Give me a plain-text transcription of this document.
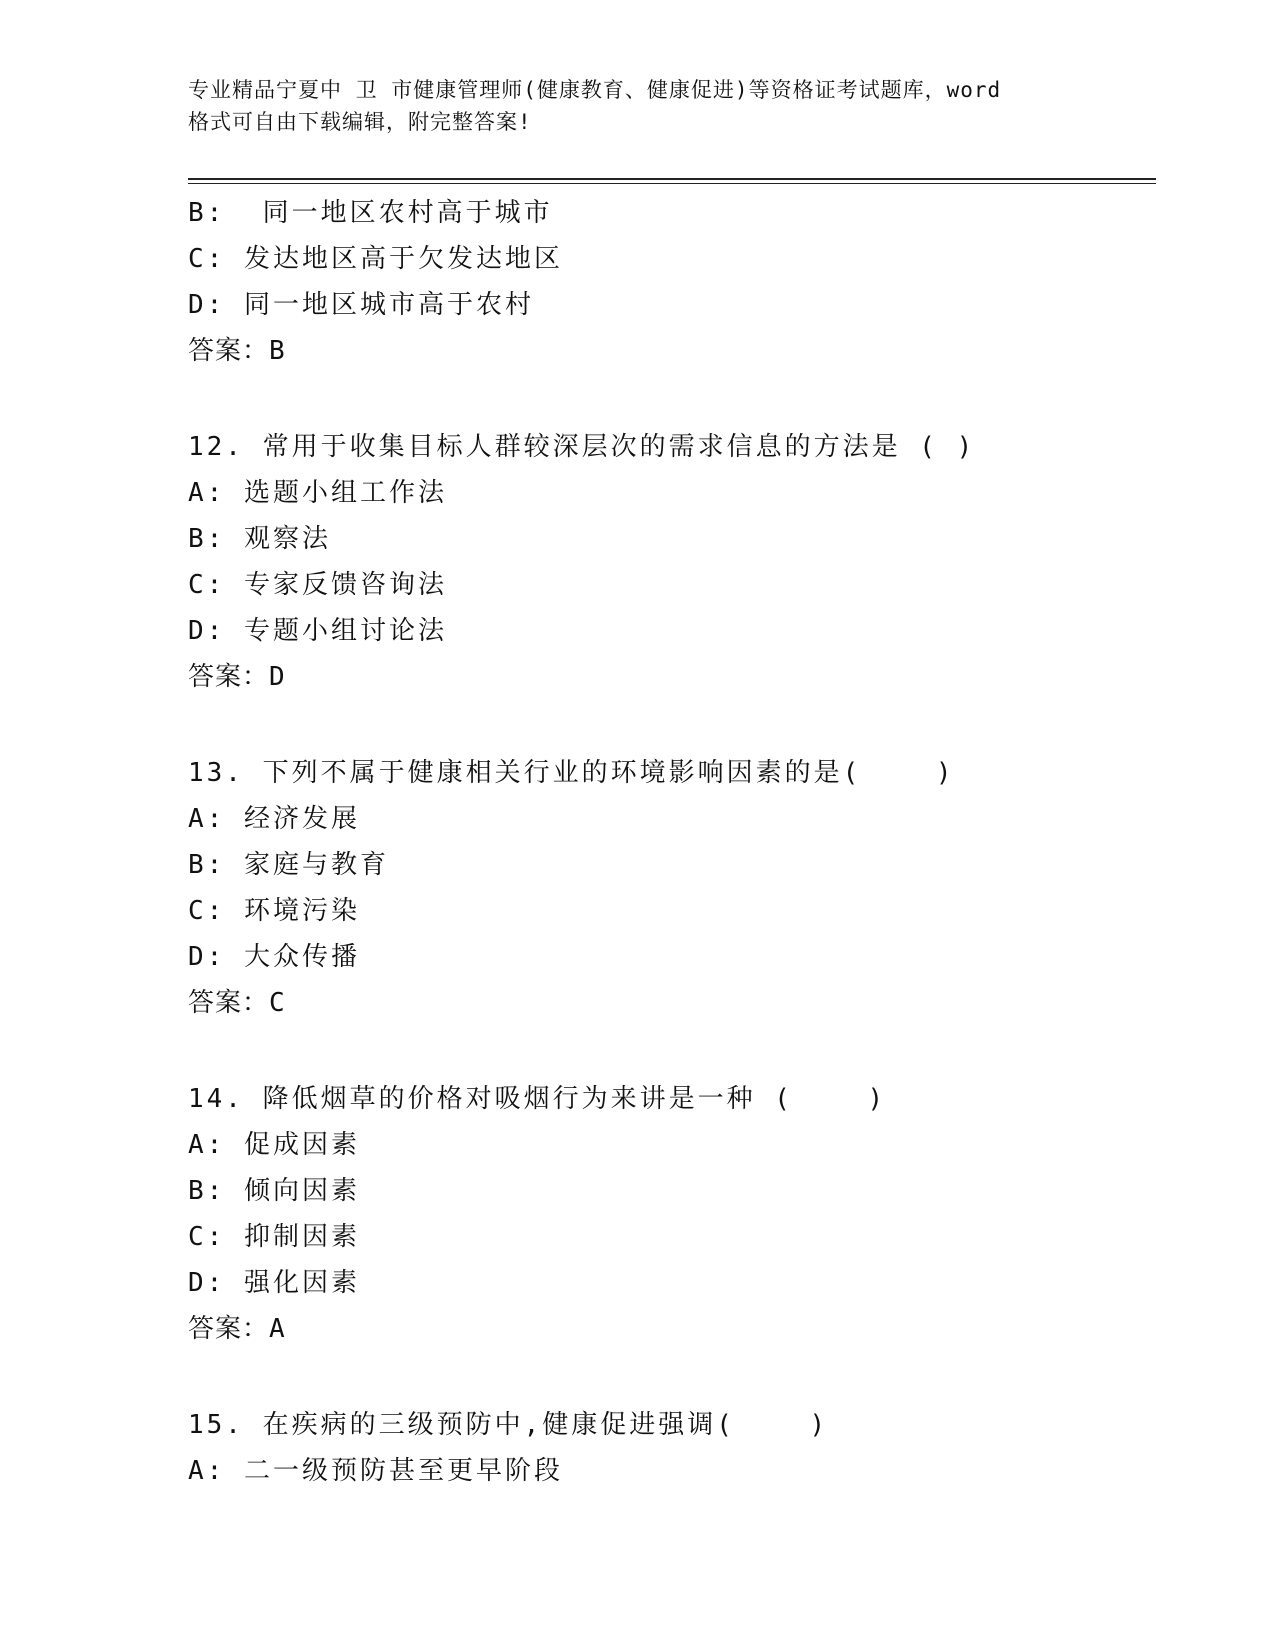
专业精品宁夏中 卫 市健康管理师(健康教育、健康促进)等资格证考试题库，word
格式可自由下载编辑，附完整答案!
B:  同一地区农村高于城市
C: 发达地区高于欠发达地区
D: 同一地区城市高于农村
答案：B
12. 常用于收集目标人群较深层次的需求信息的方法是 ( )
A: 选题小组工作法
B: 观察法
C: 专家反馈咨询法
D: 专题小组讨论法
答案：D
13. 下列不属于健康相关行业的环境影响因素的是(    )
A: 经济发展
B: 家庭与教育
C: 环境污染
D: 大众传播
答案：C
14. 降低烟草的价格对吸烟行为来讲是一种 (    )
A: 促成因素
B: 倾向因素
C: 抑制因素
D: 强化因素
答案：A
15. 在疾病的三级预防中,健康促进强调(    )
A: 二一级预防甚至更早阶段
